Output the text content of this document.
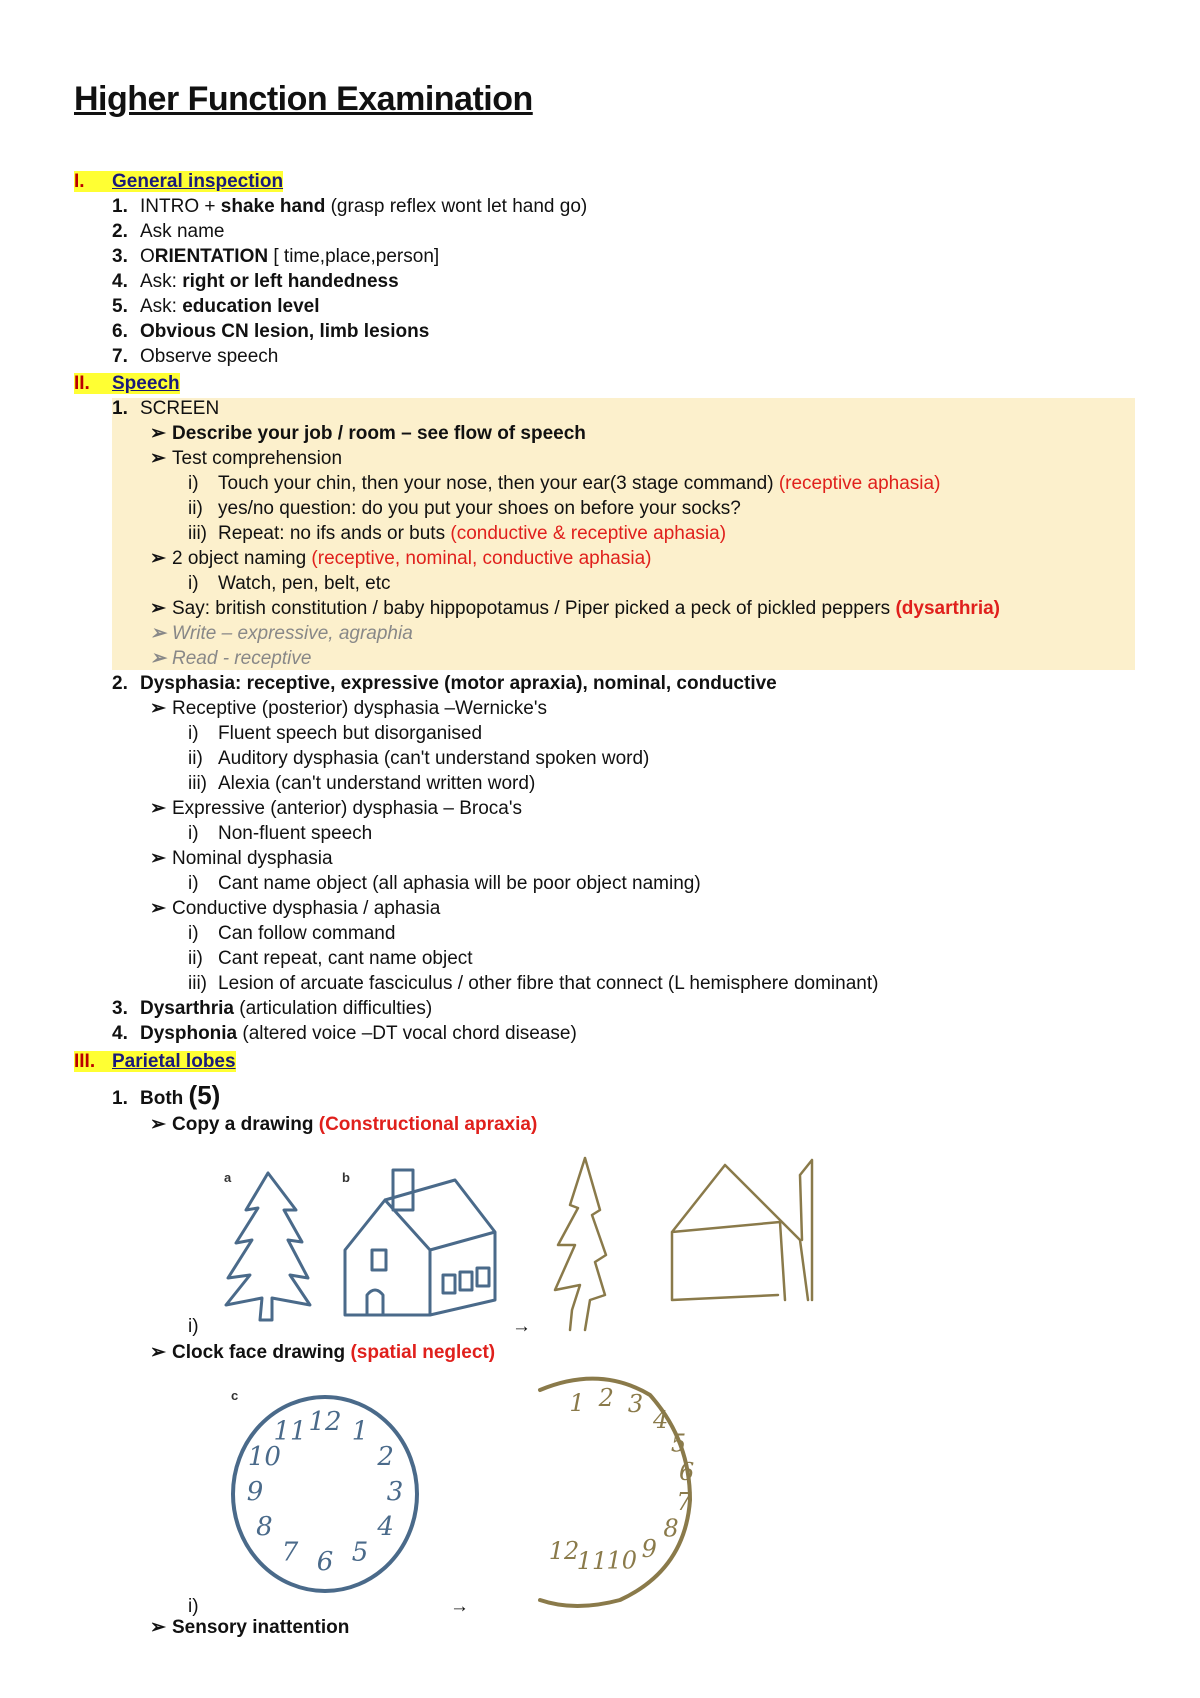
Higher Function Examination
I. General inspection
1. INTRO + shake hand (grasp reflex wont let hand go)
2. Ask name
3. ORIENTATION [ time,place,person]
4. Ask: right or left handedness
5. Ask: education level
6. Obvious CN lesion, limb lesions
7. Observe speech
II. Speech
1. SCREEN
➢ Describe your job / room – see flow of speech
➢ Test comprehension
i) Touch your chin, then your nose, then your ear(3 stage command) (receptive aphasia)
ii) yes/no question: do you put your shoes on before your socks?
iii) Repeat: no ifs ands or buts (conductive & receptive aphasia)
➢ 2 object naming (receptive, nominal, conductive aphasia)
i) Watch, pen, belt, etc
➢ Say: british constitution / baby hippopotamus / Piper picked a peck of pickled peppers (dysarthria)
➢ Write – expressive, agraphia
➢ Read - receptive
2. Dysphasia: receptive, expressive (motor apraxia), nominal, conductive
➢ Receptive (posterior) dysphasia –Wernicke's
i) Fluent speech but disorganised
ii) Auditory dysphasia (can't understand spoken word)
iii) Alexia (can't understand written word)
➢ Expressive (anterior) dysphasia – Broca's
i) Non-fluent speech
➢ Nominal dysphasia
i) Cant name object (all aphasia will be poor object naming)
➢ Conductive dysphasia / aphasia
i) Can follow command
ii) Cant repeat, cant name object
iii) Lesion of arcuate fasciculus / other fibre that connect (L hemisphere dominant)
3. Dysarthria (articulation difficulties)
4. Dysphonia (altered voice –DT vocal chord disease)
III. Parietal lobes
1. Both (5)
➢ Copy a drawing (Constructional apraxia)
a	b
i)	→
➢ Clock face drawing (spatial neglect)
c
12 1
2
3
4
5
6
7
8
9
10
11
1 2 3
4
5
6
7
8
9
10
11
12
i)	→
➢ Sensory inattention
